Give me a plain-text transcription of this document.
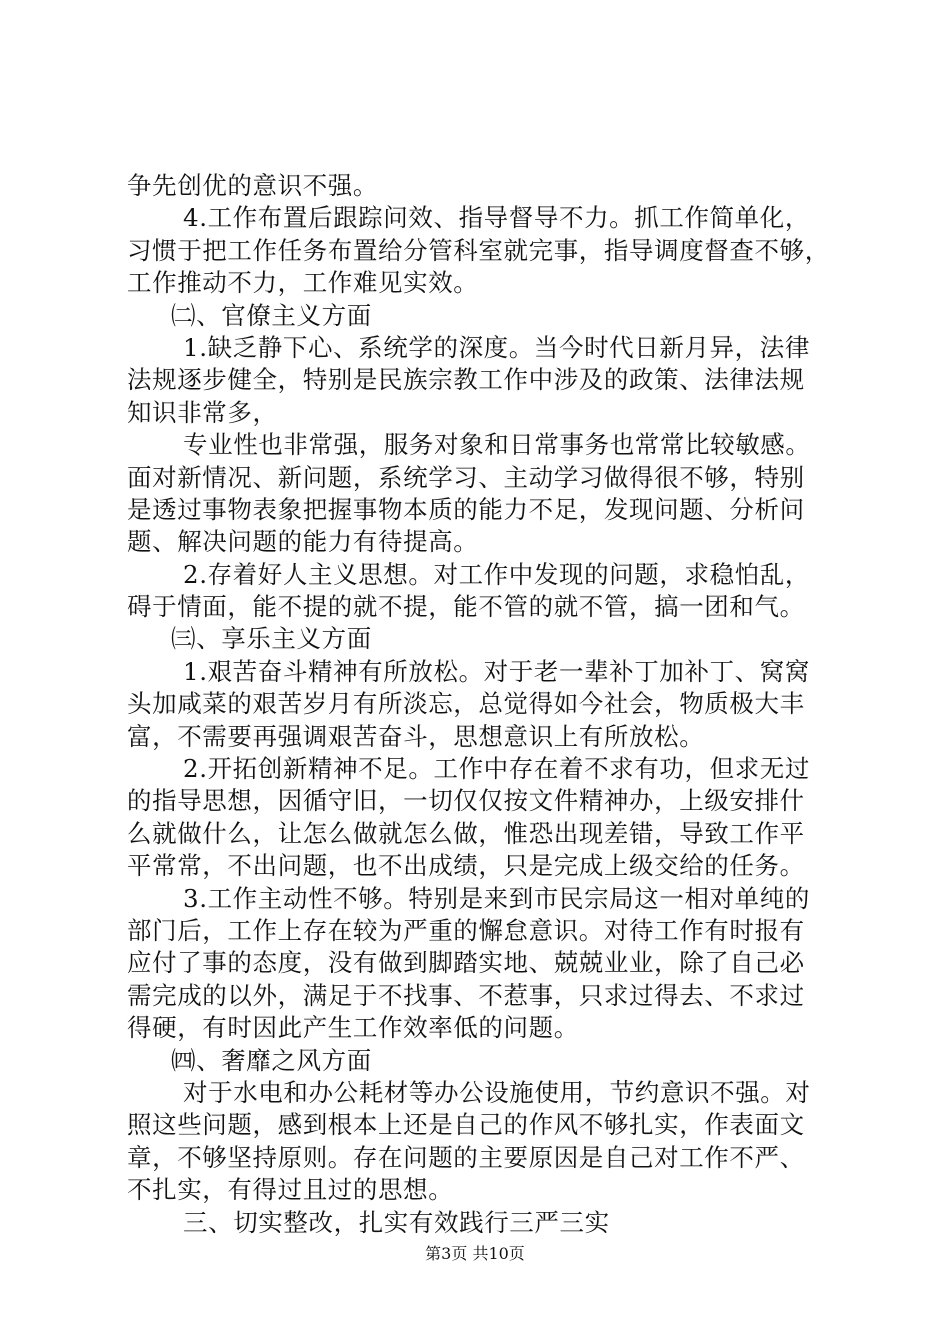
争先创优的意识不强。
4.工作布置后跟踪问效、指导督导不力。抓工作简单化，
习惯于把工作任务布置给分管科室就完事，指导调度督查不够，
工作推动不力，工作难见实效。
㈡、官僚主义方面
1.缺乏静下心、系统学的深度。当今时代日新月异，法律
法规逐步健全，特别是民族宗教工作中涉及的政策、法律法规
知识非常多，
专业性也非常强，服务对象和日常事务也常常比较敏感。
面对新情况、新问题，系统学习、主动学习做得很不够，特别
是透过事物表象把握事物本质的能力不足，发现问题、分析问
题、解决问题的能力有待提高。
2.存着好人主义思想。对工作中发现的问题，求稳怕乱，
碍于情面，能不提的就不提，能不管的就不管，搞一团和气。
㈢、享乐主义方面
1.艰苦奋斗精神有所放松。对于老一辈补丁加补丁、窝窝
头加咸菜的艰苦岁月有所淡忘，总觉得如今社会，物质极大丰
富，不需要再强调艰苦奋斗，思想意识上有所放松。
2.开拓创新精神不足。工作中存在着不求有功，但求无过
的指导思想，因循守旧，一切仅仅按文件精神办，上级安排什
么就做什么，让怎么做就怎么做，惟恐出现差错，导致工作平
平常常，不出问题，也不出成绩，只是完成上级交给的任务。
3.工作主动性不够。特别是来到市民宗局这一相对单纯的
部门后，工作上存在较为严重的懈怠意识。对待工作有时报有
应付了事的态度，没有做到脚踏实地、兢兢业业，除了自己必
需完成的以外，满足于不找事、不惹事，只求过得去、不求过
得硬，有时因此产生工作效率低的问题。
㈣、奢靡之风方面
对于水电和办公耗材等办公设施使用，节约意识不强。对
照这些问题，感到根本上还是自己的作风不够扎实，作表面文
章，不够坚持原则。存在问题的主要原因是自己对工作不严、
不扎实，有得过且过的思想。
三、切实整改，扎实有效践行三严三实
第3页 共10页
